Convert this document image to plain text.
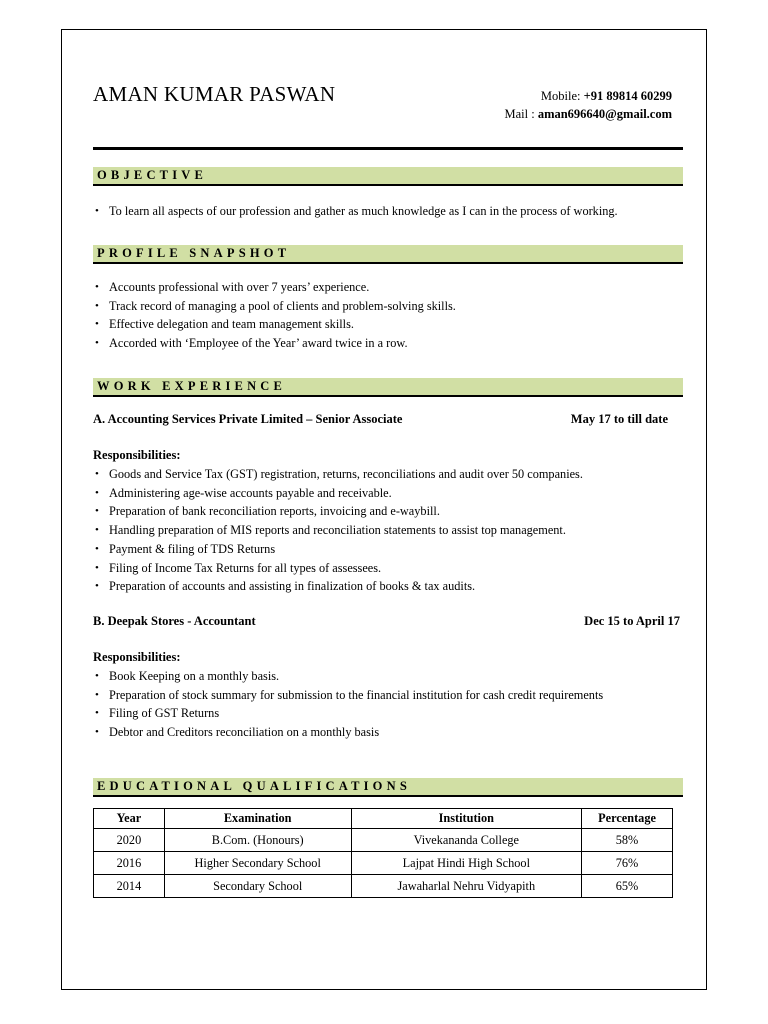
AMAN KUMAR PASWAN	Mobile: +91 89814 60299
Mail : aman696640@gmail.com
OBJECTIVE
• To learn all aspects of our profession and gather as much knowledge as I can in the process of working.
PROFILE SNAPSHOT
• Accounts professional with over 7 years’ experience.
• Track record of managing a pool of clients and problem-solving skills.
• Effective delegation and team management skills.
• Accorded with ‘Employee of the Year’ award twice in a row.
WORK EXPERIENCE
A. Accounting Services Private Limited – Senior Associate	May 17 to till date
Responsibilities:
• Goods and Service Tax (GST) registration, returns, reconciliations and audit over 50 companies.
• Administering age-wise accounts payable and receivable.
• Preparation of bank reconciliation reports, invoicing and e-waybill.
• Handling preparation of MIS reports and reconciliation statements to assist top management.
• Payment & filing of TDS Returns
• Filing of Income Tax Returns for all types of assessees.
• Preparation of accounts and assisting in finalization of books & tax audits.
B. Deepak Stores - Accountant	Dec 15 to April 17
Responsibilities:
• Book Keeping on a monthly basis.
• Preparation of stock summary for submission to the financial institution for cash credit requirements
• Filing of GST Returns
• Debtor and Creditors reconciliation on a monthly basis
EDUCATIONAL QUALIFICATIONS
Year	Examination	Institution	Percentage
2020	B.Com. (Honours)	Vivekananda College	58%
2016	Higher Secondary School	Lajpat Hindi High School	76%
2014	Secondary School	Jawaharlal Nehru Vidyapith	65%
